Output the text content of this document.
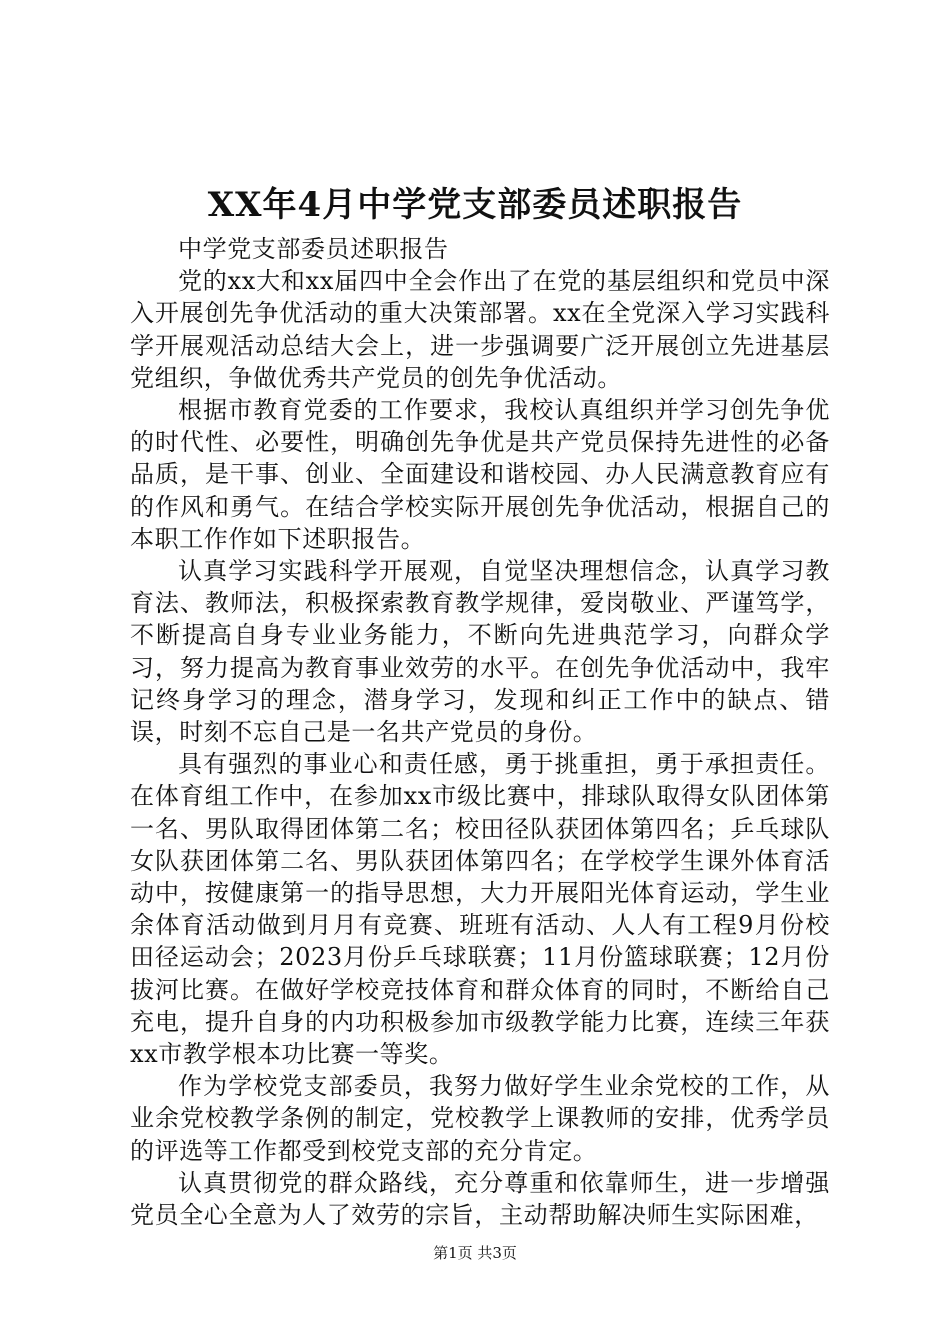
XX年4月中学党支部委员述职报告

中学党支部委员述职报告

党的xx大和xx届四中全会作出了在党的基层组织和党员中深入开展创先争优活动的重大决策部署。xx在全党深入学习实践科学开展观活动总结大会上，进一步强调要广泛开展创立先进基层党组织，争做优秀共产党员的创先争优活动。

根据市教育党委的工作要求，我校认真组织并学习创先争优的时代性、必要性，明确创先争优是共产党员保持先进性的必备品质，是干事、创业、全面建设和谐校园、办人民满意教育应有的作风和勇气。在结合学校实际开展创先争优活动，根据自己的本职工作作如下述职报告。

认真学习实践科学开展观，自觉坚决理想信念，认真学习教育法、教师法，积极探索教育教学规律，爱岗敬业、严谨笃学，不断提高自身专业业务能力，不断向先进典范学习，向群众学习，努力提高为教育事业效劳的水平。在创先争优活动中，我牢记终身学习的理念，潜身学习，发现和纠正工作中的缺点、错误，时刻不忘自己是一名共产党员的身份。

具有强烈的事业心和责任感，勇于挑重担，勇于承担责任。在体育组工作中，在参加xx市级比赛中，排球队取得女队团体第一名、男队取得团体第二名；校田径队获团体第四名；乒乓球队女队获团体第二名、男队获团体第四名；在学校学生课外体育活动中，按健康第一的指导思想，大力开展阳光体育运动，学生业余体育活动做到月月有竞赛、班班有活动、人人有工程9月份校田径运动会；2023月份乒乓球联赛；11月份篮球联赛；12月份拔河比赛。在做好学校竞技体育和群众体育的同时，不断给自己充电，提升自身的内功积极参加市级教学能力比赛，连续三年获xx市教学根本功比赛一等奖。

作为学校党支部委员，我努力做好学生业余党校的工作，从业余党校教学条例的制定，党校教学上课教师的安排，优秀学员的评选等工作都受到校党支部的充分肯定。

认真贯彻党的群众路线，充分尊重和依靠师生，进一步增强党员全心全意为人了效劳的宗旨，主动帮助解决师生实际困难，

第1页 共3页
